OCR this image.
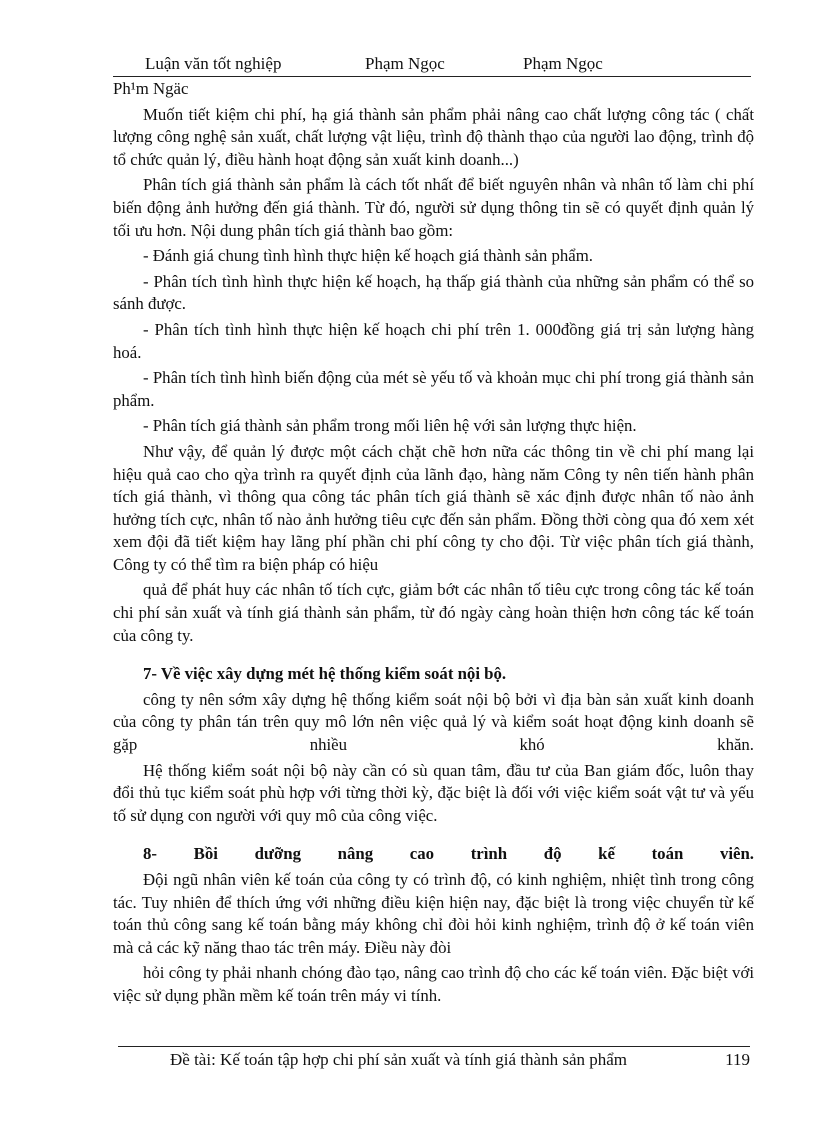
Luận văn tốt nghiệp	Phạm Ngọc	Phạm Ngọc

Ph¹m Ngäc

Muốn tiết kiệm chi phí, hạ giá thành sản phẩm phải nâng cao chất lượng công tác ( chất lượng công nghệ sản xuất, chất lượng vật liệu, trình độ thành thạo của người lao động, trình độ tổ chức quản lý, điều hành hoạt động sản xuất kinh doanh...)

Phân tích giá thành sản phẩm là cách tốt nhất để biết nguyên nhân và nhân tố làm chi phí biến động ảnh hưởng đến giá thành. Từ đó, người sử dụng thông tin sẽ có quyết định quản lý tối ưu hơn. Nội dung phân tích giá thành bao gồm:

- Đánh giá chung tình hình thực hiện kế hoạch giá thành sản phẩm.

- Phân tích tình hình thực hiện kế hoạch, hạ thấp giá thành của những sản phẩm có thể so sánh được.

- Phân tích tình hình thực hiện kế hoạch chi phí trên 1. 000đồng giá trị sản lượng hàng hoá.

- Phân tích tình hình biến động của mét sè yếu tố và khoản mục chi phí trong giá thành sản phẩm.

- Phân tích giá thành sản phẩm trong mối liên hệ với sản lượng thực hiện.

Như vậy, để quản lý được một cách chặt chẽ hơn nữa các thông tin về chi phí mang lại hiệu quả cao cho qỳa trình ra quyết định của lãnh đạo, hàng năm Công ty nên tiến hành phân tích giá thành, vì thông qua công tác phân tích giá thành sẽ xác định được nhân tố nào ảnh hưởng tích cực, nhân tố nào ảnh hưởng tiêu cực đến sản phẩm. Đồng thời còng qua đó xem xét xem đội đã tiết kiệm hay lãng phí phần chi phí công ty cho đội. Từ việc phân tích giá thành, Công ty có thể tìm ra biện pháp có hiệu

quả để phát huy các nhân tố tích cực, giảm bớt các nhân tố tiêu cực trong công tác kế toán chi phí sản xuất và tính giá thành sản phẩm, từ đó ngày càng hoàn thiện hơn công tác kế toán của công ty.

7- Về việc xây dựng mét hệ thống kiểm soát nội bộ.

công ty nên sớm xây dựng hệ thống kiểm soát nội bộ bởi vì địa bàn sản xuất kinh doanh của công ty phân tán trên quy mô lớn nên việc quả lý và kiểm soát hoạt động kinh doanh sẽ gặp nhiều khó khăn.

Hệ thống kiểm soát nội bộ này cần có sù quan tâm, đầu tư của Ban giám đốc, luôn thay đổi thủ tục kiểm soát phù hợp với từng thời kỳ, đặc biệt là đối với việc kiểm soát vật tư và yếu tố sử dụng con người với quy mô của công việc.

8- Bồi dưỡng nâng cao trình độ kế toán viên.

Đội ngũ nhân viên kế toán của công ty có trình độ, có kinh nghiệm, nhiệt tình trong công tác. Tuy nhiên để thích ứng với những điều kiện hiện nay, đặc biệt là trong việc chuyển từ kế toán thủ công sang kế toán bằng máy không chỉ đòi hỏi kinh nghiệm, trình độ ở kế toán viên mà cả các kỹ năng thao tác trên máy. Điều này đòi

hỏi công ty phải nhanh chóng đào tạo, nâng cao trình độ cho các kế toán viên. Đặc biệt với việc sử dụng phần mềm kế toán trên máy vi tính.

Đề tài: Kế toán tập hợp chi phí sản xuất và tính giá thành sản phẩm	119
